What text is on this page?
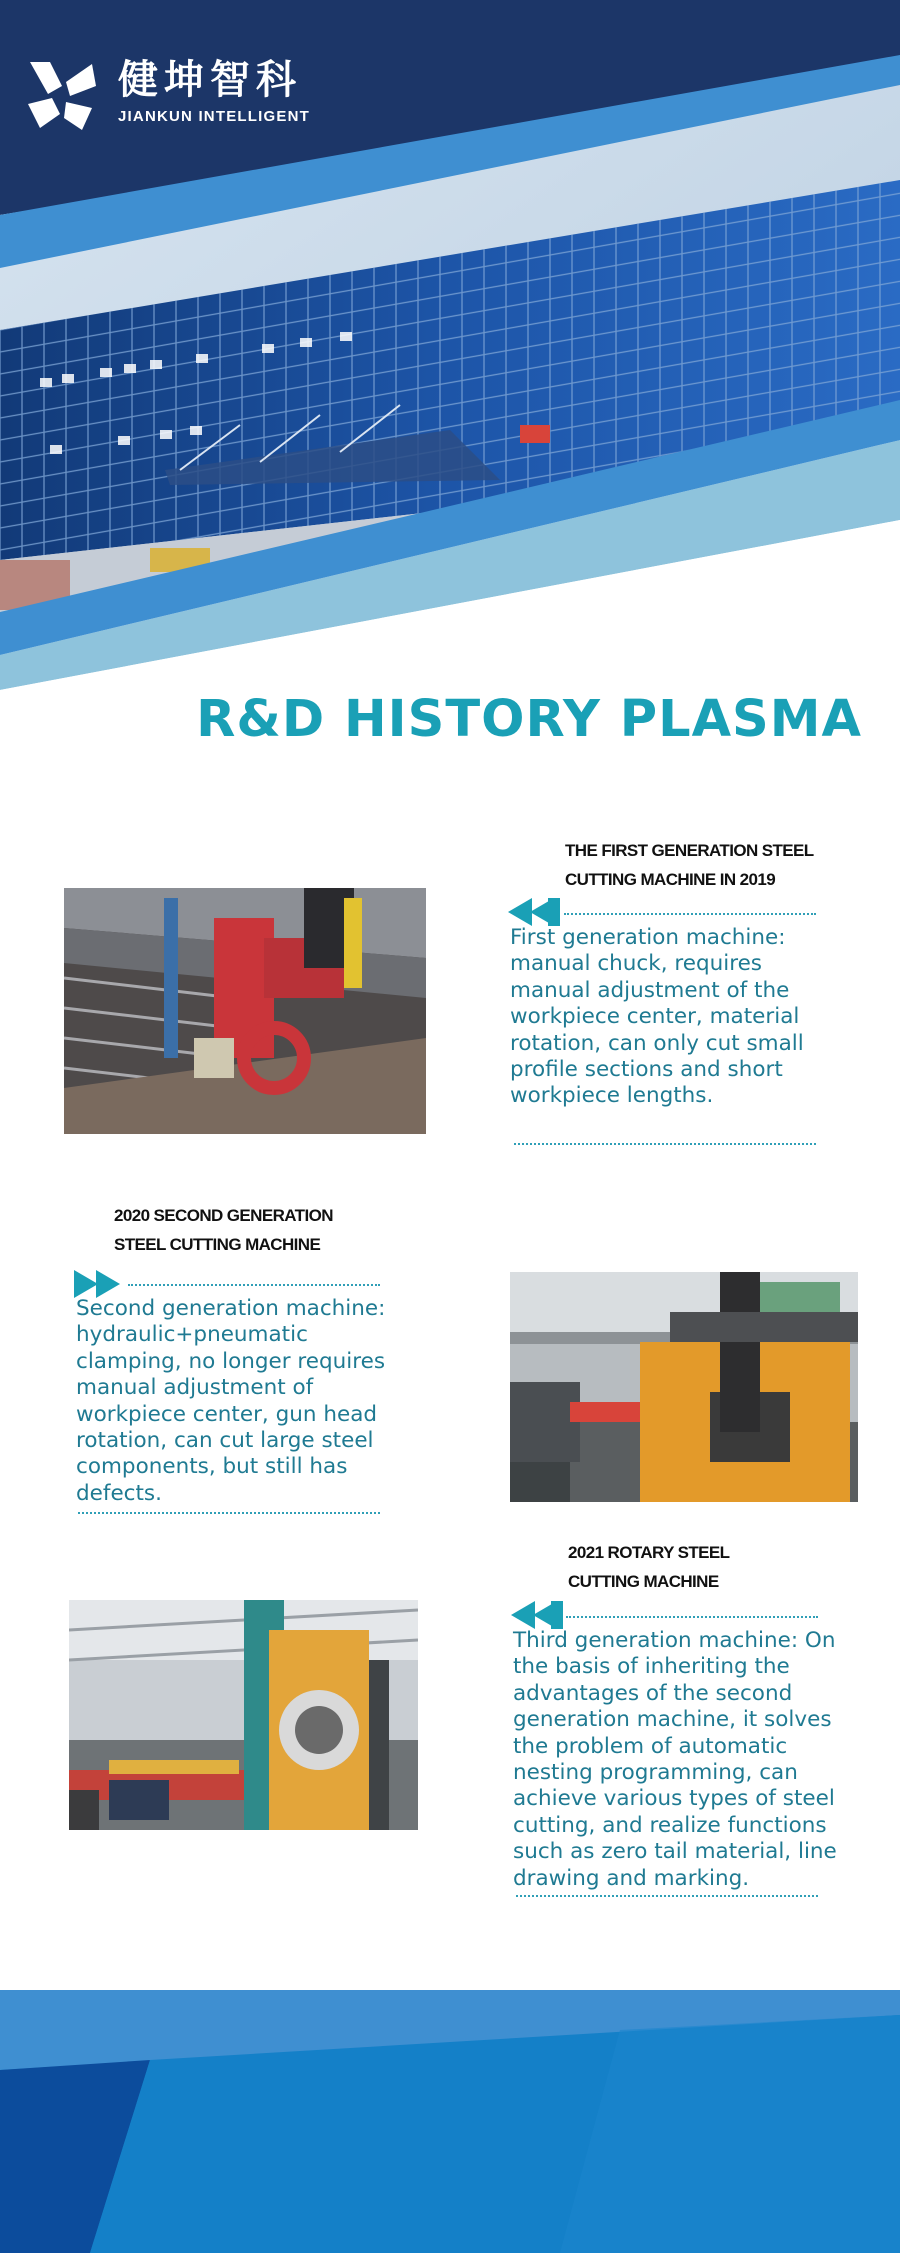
健坤智科
JIANKUN INTELLIGENT
R&D HISTORY PLASMA
THE FIRST GENERATION STEEL
CUTTING MACHINE IN 2019
First generation machine: manual chuck, requires manual adjustment of the workpiece center, material rotation, can only cut small profile sections and short workpiece lengths.
2020 SECOND GENERATION
STEEL CUTTING MACHINE
Second generation machine: hydraulic+pneumatic clamping, no longer requires manual adjustment of workpiece center, gun head rotation, can cut large steel components, but still has defects.
2021 ROTARY STEEL
CUTTING MACHINE
Third generation machine: On the basis of inheriting the advantages of the second generation machine, it solves the problem of automatic nesting programming, can achieve various types of steel cutting, and realize functions such as zero tail material, line drawing and marking.
